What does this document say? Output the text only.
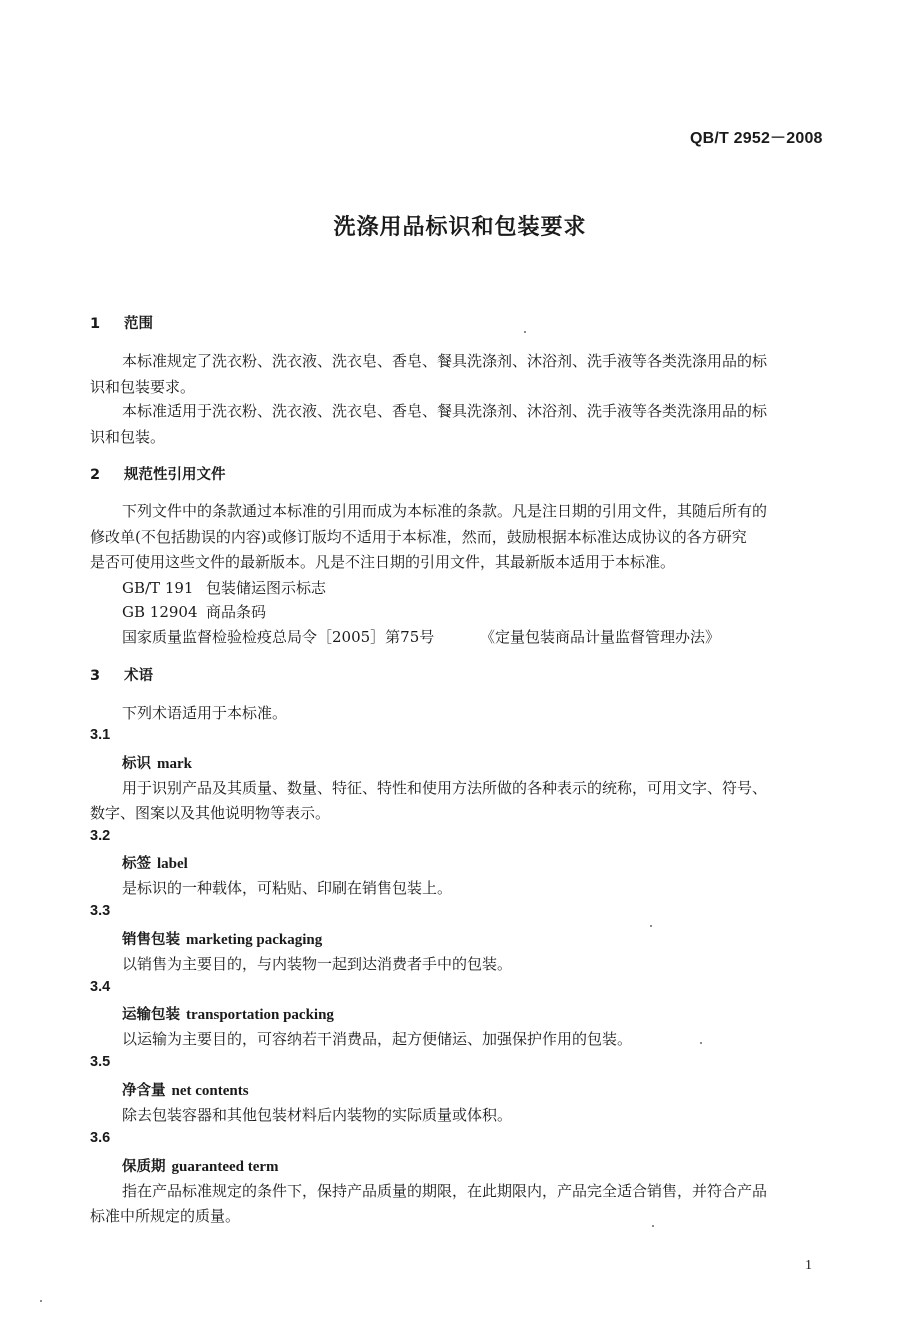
QB/T 2952－2008
洗涤用品标识和包装要求
1 范围
本标准规定了洗衣粉、洗衣液、洗衣皂、香皂、餐具洗涤剂、沐浴剂、洗手液等各类洗涤用品的标
识和包装要求。
本标准适用于洗衣粉、洗衣液、洗衣皂、香皂、餐具洗涤剂、沐浴剂、洗手液等各类洗涤用品的标
识和包装。
2 规范性引用文件
下列文件中的条款通过本标准的引用而成为本标准的条款。凡是注日期的引用文件，其随后所有的
修改单(不包括勘误的内容)或修订版均不适用于本标准，然而，鼓励根据本标准达成协议的各方研究
是否可使用这些文件的最新版本。凡是不注日期的引用文件，其最新版本适用于本标准。
GB/T 191 包装储运图示标志
GB 12904 商品条码
国家质量监督检验检疫总局令［2005］第75号	《定量包装商品计量监督管理办法》
3 术语
下列术语适用于本标准。
3.1
标识 mark
用于识别产品及其质量、数量、特征、特性和使用方法所做的各种表示的统称，可用文字、符号、
数字、图案以及其他说明物等表示。
3.2
标签 label
是标识的一种载体，可粘贴、印刷在销售包装上。
3.3
销售包装 marketing packaging
以销售为主要目的，与内装物一起到达消费者手中的包装。
3.4
运输包装 transportation packing
以运输为主要目的，可容纳若干消费品，起方便储运、加强保护作用的包装。
3.5
净含量 net contents
除去包装容器和其他包装材料后内装物的实际质量或体积。
3.6
保质期 guaranteed term
指在产品标准规定的条件下，保持产品质量的期限，在此期限内，产品完全适合销售，并符合产品
标准中所规定的质量。
1
